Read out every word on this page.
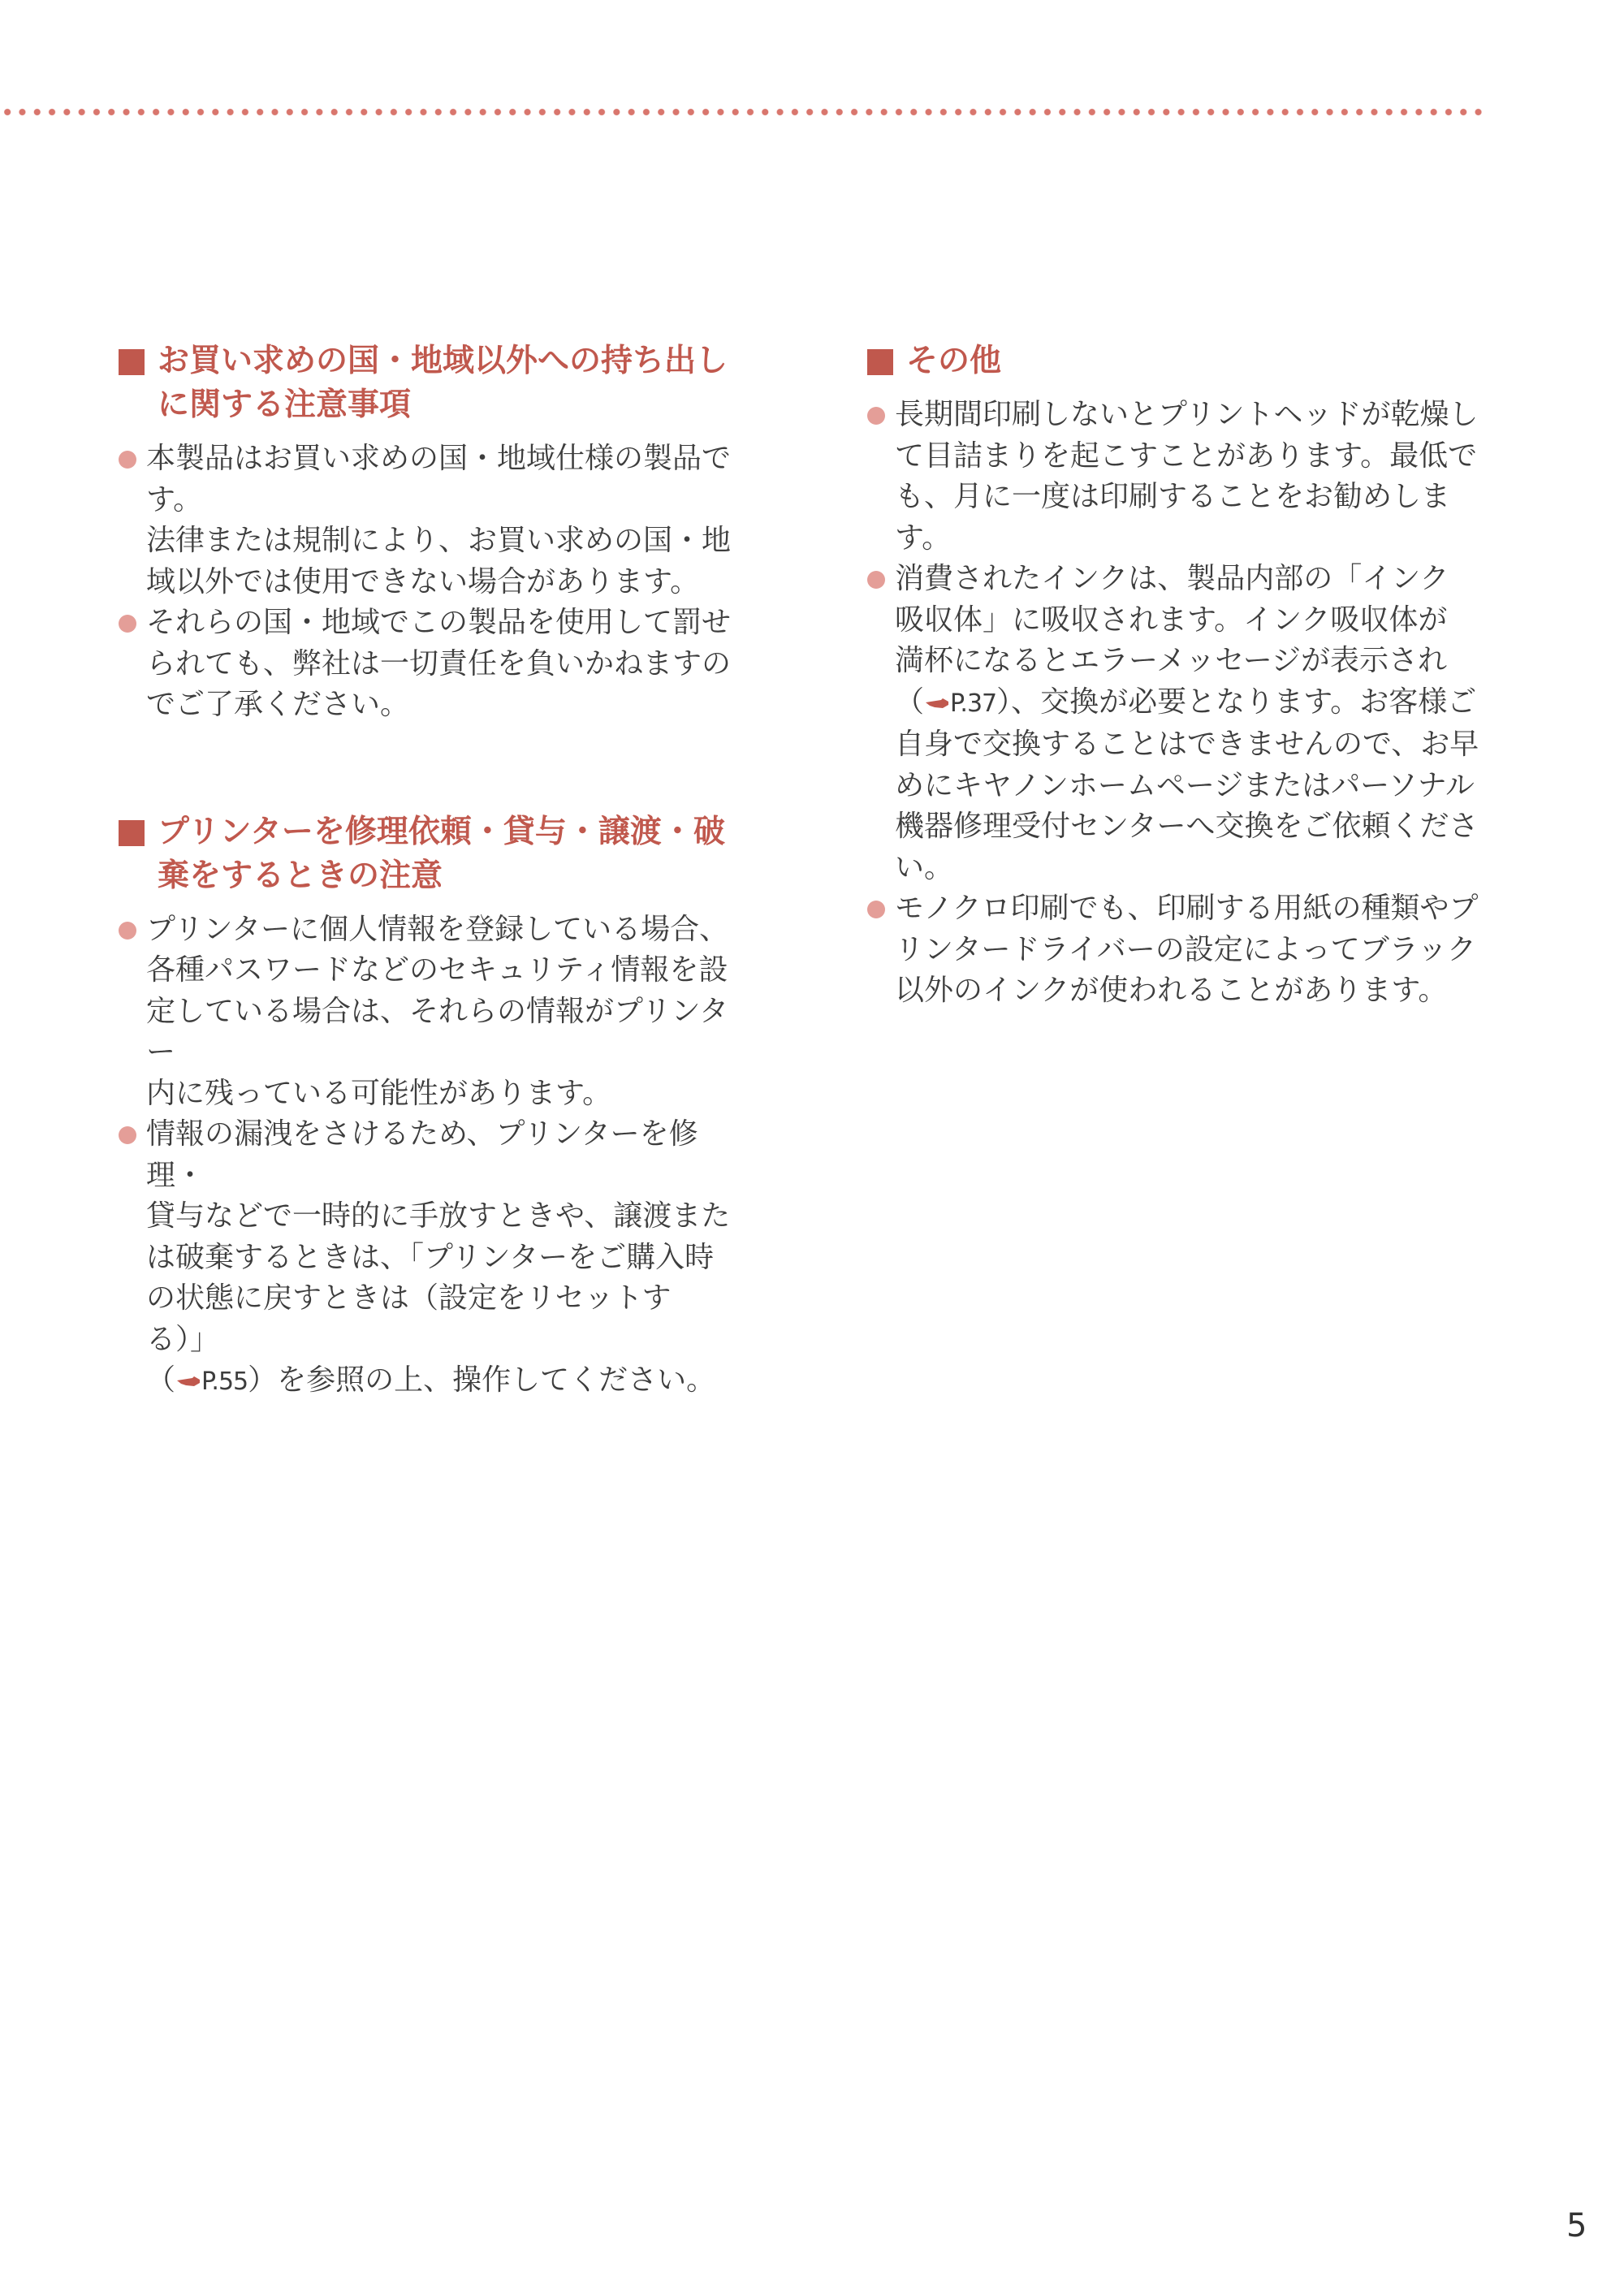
お買い求めの国・地域以外への持ち出し
に関する注意事項

本製品はお買い求めの国・地域仕様の製品で
す。
法律または規制により、お買い求めの国・地
域以外では使用できない場合があります。

それらの国・地域でこの製品を使用して罰せ
られても、弊社は一切責任を負いかねますの
でご了承ください。

プリンターを修理依頼・貸与・譲渡・破
棄をするときの注意

プリンターに個人情報を登録している場合、
各種パスワードなどのセキュリティ情報を設
定している場合は、それらの情報がプリンター
内に残っている可能性があります。

情報の漏洩をさけるため、プリンターを修理・
貸与などで一時的に手放すときや、譲渡また
は破棄するときは、「プリンターをご購入時
の状態に戻すときは（設定をリセットする）」
（ P.55）を参照の上、操作してください。

その他

長期間印刷しないとプリントヘッドが乾燥し
て目詰まりを起こすことがあります。最低で
も、月に一度は印刷することをお勧めします。

消費されたインクは、製品内部の「インク
吸収体」に吸収されます。インク吸収体が
満杯になるとエラーメッセージが表示され
（ P.37）、交換が必要となります。お客様ご
自身で交換することはできませんので、お早
めにキヤノンホームページまたはパーソナル
機器修理受付センターへ交換をご依頼くださ
い。

モノクロ印刷でも、印刷する用紙の種類やプ
リンタードライバーの設定によってブラック
以外のインクが使われることがあります。

5
